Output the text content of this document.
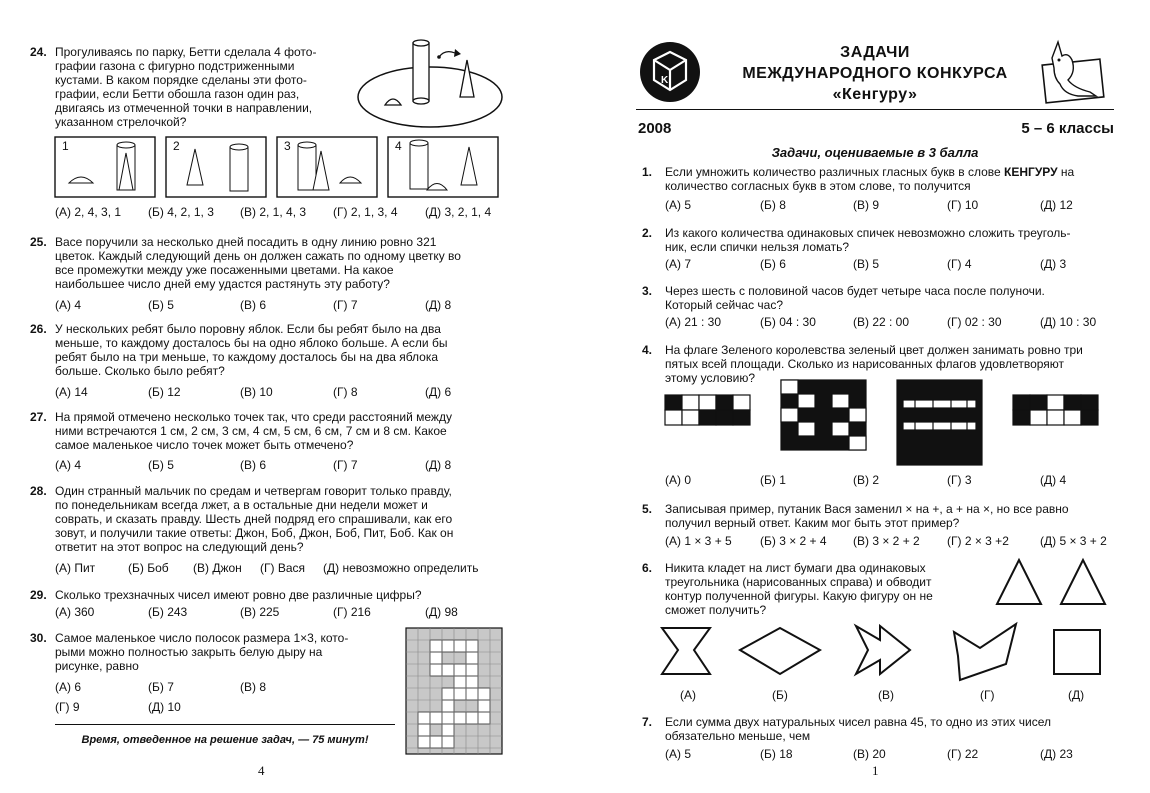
24. Прогуливаясь по парку, Бетти сделала 4 фото-
графии газона с фигурно подстриженными
кустами. В каком порядке сделаны эти фото-
графии, если Бетти обошла газон один раз,
двигаясь из отмеченной точки в направлении,
указанном стрелочкой?
1	2	3	4
(А) 2, 4, 3, 1 (Б) 4, 2, 1, 3 (В) 2, 1, 4, 3 (Г) 2, 1, 3, 4 (Д) 3, 2, 1, 4
25. Васе поручили за несколько дней посадить в одну линию ровно 321
цветок. Каждый следующий день он должен сажать по одному цветку во
все промежутки между уже посаженными цветами. На какое
наибольшее число дней ему удастся растянуть эту работу?
(А) 4	(Б) 5	(В) 6	(Г) 7	(Д) 8
26. У нескольких ребят было поровну яблок. Если бы ребят было на два
меньше, то каждому досталось бы на одно яблоко больше. А если бы
ребят было на три меньше, то каждому досталось бы на два яблока
больше. Сколько было ребят?
(А) 14	(Б) 12	(В) 10	(Г) 8	(Д) 6
27. На прямой отмечено несколько точек так, что среди расстояний между
ними встречаются 1 см, 2 см, 3 см, 4 см, 5 см, 6 см, 7 см и 8 см. Какое
самое маленькое число точек может быть отмечено?
(А) 4	(Б) 5	(В) 6	(Г) 7	(Д) 8
28. Один странный мальчик по средам и четвергам говорит только правду,
по понедельникам всегда лжет, а в остальные дни недели может и
соврать, и сказать правду. Шесть дней подряд его спрашивали, как его
зовут, и получили такие ответы: Джон, Боб, Джон, Боб, Пит, Боб. Как он
ответит на этот вопрос на следующий день?
(А) Пит	(Б) Боб (В) Джон (Г) Вася (Д) невозможно определить
29. Сколько трехзначных чисел имеют ровно две различные цифры?
(А) 360	(Б) 243	(В) 225	(Г) 216	(Д) 98
30. Самое маленькое число полосок размера 1×3, кото-
рыми можно полностью закрыть белую дыру на
рисунке, равно
(А) 6	(Б) 7	(В) 8
(Г) 9	(Д) 10
Время, отведенное на решение задач, — 75 минут!
4
K
ЗАДАЧИ
МЕЖДУНАРОДНОГО КОНКУРСА
«Кенгуру»
2008	5 – 6 классы
Задачи, оцениваемые в 3 балла
1. Если умножить количество различных гласных букв в слове КЕНГУРУ на
количество согласных букв в этом слове, то получится
(А) 5	(Б) 8	(В) 9	(Г) 10	(Д) 12
2. Из какого количества одинаковых спичек невозможно сложить треуголь-
ник, если спички нельзя ломать?
(А) 7	(Б) 6	(В) 5	(Г) 4	(Д) 3
3. Через шесть с половиной часов будет четыре часа после полуночи.
Который сейчас час?
(А) 21 : 30	(Б) 04 : 30	(В) 22 : 00	(Г) 02 : 30	(Д) 10 : 30
4. На флаге Зеленого королевства зеленый цвет должен занимать ровно три
пятых всей площади. Сколько из нарисованных флагов удовлетворяют
этому условию?
(А) 0	(Б) 1	(В) 2	(Г) 3	(Д) 4
5. Записывая пример, путаник Вася заменил × на +, а + на ×, но все равно
получил верный ответ. Каким мог быть этот пример?
(А) 1 × 3 + 5 (Б) 3 × 2 + 4 (В) 3 × 2 + 2 (Г) 2 × 3 +2	(Д) 5 × 3 + 2
6. Никита кладет на лист бумаги два одинаковых
треугольника (нарисованных справа) и обводит
контур полученной фигуры. Какую фигуру он не
сможет получить?
(А)	(Б)	(В)	(Г)	(Д)
7. Если сумма двух натуральных чисел равна 45, то одно из этих чисел
обязательно меньше, чем
(А) 5	(Б) 18	(В) 20	(Г) 22	(Д) 23
1
